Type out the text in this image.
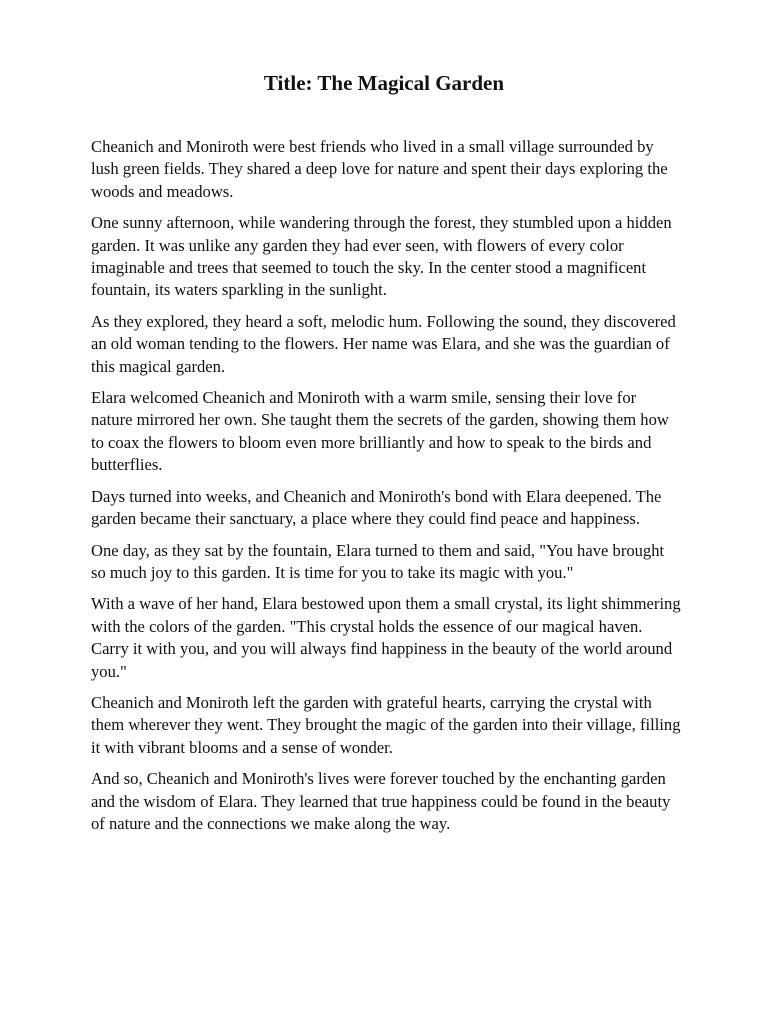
Title: The Magical Garden

Cheanich and Moniroth were best friends who lived in a small village surrounded by lush green fields. They shared a deep love for nature and spent their days exploring the woods and meadows.

One sunny afternoon, while wandering through the forest, they stumbled upon a hidden garden. It was unlike any garden they had ever seen, with flowers of every color imaginable and trees that seemed to touch the sky. In the center stood a magnificent fountain, its waters sparkling in the sunlight.

As they explored, they heard a soft, melodic hum. Following the sound, they discovered an old woman tending to the flowers. Her name was Elara, and she was the guardian of this magical garden.

Elara welcomed Cheanich and Moniroth with a warm smile, sensing their love for nature mirrored her own. She taught them the secrets of the garden, showing them how to coax the flowers to bloom even more brilliantly and how to speak to the birds and butterflies.

Days turned into weeks, and Cheanich and Moniroth's bond with Elara deepened. The garden became their sanctuary, a place where they could find peace and happiness.

One day, as they sat by the fountain, Elara turned to them and said, "You have brought so much joy to this garden. It is time for you to take its magic with you."

With a wave of her hand, Elara bestowed upon them a small crystal, its light shimmering with the colors of the garden. "This crystal holds the essence of our magical haven. Carry it with you, and you will always find happiness in the beauty of the world around you."

Cheanich and Moniroth left the garden with grateful hearts, carrying the crystal with them wherever they went. They brought the magic of the garden into their village, filling it with vibrant blooms and a sense of wonder.

And so, Cheanich and Moniroth's lives were forever touched by the enchanting garden and the wisdom of Elara. They learned that true happiness could be found in the beauty of nature and the connections we make along the way.
